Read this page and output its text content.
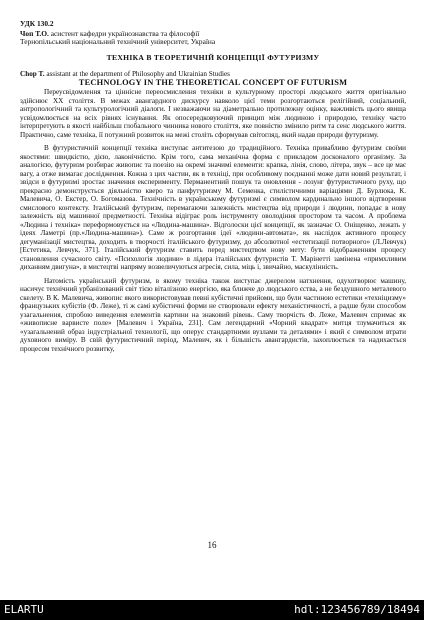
УДК 130.2
Чоп Т.О. асистент кафедри українознавства та філософії
Тернопільський національний технічний університет, Україна
ТЕХНІКА В ТЕОРЕТИЧНІЙ КОНЦЕПЦІЇ ФУТУРИЗМУ
Chop T. assistant at the department of Philosophy and Ukrainian Studies
TECHNOLOGY IN THE THEORETICAL CONCEPT OF FUTURISM

Переусвідомлення та ціннісне переосмислення техніки в культурному просторі людського життя оригінально здійснює ХХ століття. В межах авангардного дискурсу навколо цієї теми розгортаються релігійний, соціальний, антропологічний та культурологічний діалоги. І незважаючи на діаметрально протилежну оцінку, важливість цього явища усвідомлюється на всіх рівнях існування. Як опосередковуючий принцип між людиною і природою, техніку часто інтерпретують в якості найбільш глобального чинника нового століття, яке повністю змінило ритм та сенс людського життя. Практично, саме техніка, її потужний розвиток на межі століть сформував світогляд, який надав природи футуризму.

В футуристичній концепції техніка виступає антитезою до традиційного. Техніка привабливо футуризм своїми якостями: швидкістю, дією, лаконічністю. Крім того, сама механічна форма є прикладом досконалого організму. За аналогією, футуризм розбирає живопис та поезію на окремі значимі елементи: крапка, лінія, слово, літера, звук – все це має вагу, а отже вимагає дослідження. Кожна з цих частин, як в техніці, при особливому поєднанні може дати новий результат, і звідси в футуризмі зростає значення експерименту. Перманентний пошук та оновлення - лозунг футуристичного руху, що прекрасно демонструється діяльністю кверо та панфутуризму М. Семенка, стилістичними варіаціями Д. Бурлюка, К. Малевича, О. Екстер, О. Богомазова. Технічність в українському футуризмі є символом кардинально іншого відтворення смислового контексту. Італійський футуризм, перемагаючи залежність мистецтва від природи і людини, попадає в нову залежність від машинної предметності. Техніка відіграє роль інструменту оволодіння простором та часом. А проблема «Людина і техніка» переформовується на «Людина-машина». Відголоски цієї концепції, як зазначає О. Оніщенко, лежать у ідеях Ламетрі (пр.«Людина-машина»). Саме ж розгортання ідеї «людини-автомата», як наслідок активного процесу дегуманізації мистецтва, доходить в творчості італійського футуризму, до абсолютної «естетизації потворного» (Л.Левчук) [Естетика, Левчук, 371]. Італійський футуризм ставить перед мистецтвом нову мету: бути відображенням процесу становлення сучасного світу. «Психологія людини» в лідера італійських футуристів Т. Марінетті замінена «примхливим диханням двигуна», в мистецтві напряму возвеличуються агресія, сила, міць і, звичайно, маскулінність.

Натомість український футуризм, в якому техніка також виступає джерелом натхнення, одухотворює машину, насичує технічний урбанізований світ тією віталізною енергією, яка ближче до людського єства, а не бездушного металевого скелету. В К. Малевича, живопис якого використовував певні кубістичні прийоми, що були частиною естетики «техніцизму» французьких кубістів (Ф. Леже), ті ж самі кубістичні форми не створювали ефекту механістичності, а радше були способом узагальнення, спробою виведення елементів картини на знаковий рівень. Саму творчість Ф. Леже, Малевич спримає як «живописне варвисте поле» [Малевич і Україна, 231]. Сам легендарний «Чорний квадрат» митця тлумачиться як «узагальнений образ індустріальної технології, що оперує стандартними вузлами та деталями» і який є символом втрати духовного виміру. В свій футуристичний період, Малевич, як і більшість авангардистів, захоплюється та надихається процесом технічного розвитку,

16
ELARTU	hdl:123456789/18494
